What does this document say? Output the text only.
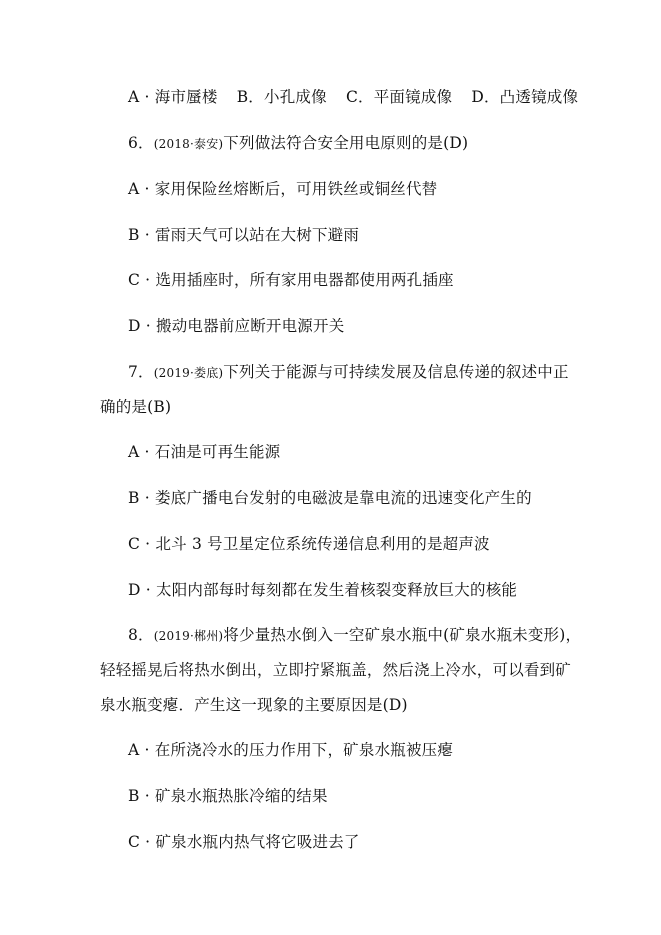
A · 海市蜃楼 B．小孔成像 C．平面镜成像 D．凸透镜成像
6．(2018·泰安)下列做法符合安全用电原则的是(D)
A · 家用保险丝熔断后，可用铁丝或铜丝代替
B · 雷雨天气可以站在大树下避雨
C · 选用插座时，所有家用电器都使用两孔插座
D · 搬动电器前应断开电源开关
7．(2019·娄底)下列关于能源与可持续发展及信息传递的叙述中正
确的是(B)
A · 石油是可再生能源
B · 娄底广播电台发射的电磁波是靠电流的迅速变化产生的
C · 北斗 3 号卫星定位系统传递信息利用的是超声波
D · 太阳内部每时每刻都在发生着核裂变释放巨大的核能
8．(2019·郴州)将少量热水倒入一空矿泉水瓶中(矿泉水瓶未变形)，
轻轻摇晃后将热水倒出，立即拧紧瓶盖，然后浇上冷水，可以看到矿
泉水瓶变瘪．产生这一现象的主要原因是(D)
A · 在所浇冷水的压力作用下，矿泉水瓶被压瘪
B · 矿泉水瓶热胀冷缩的结果
C · 矿泉水瓶内热气将它吸进去了
